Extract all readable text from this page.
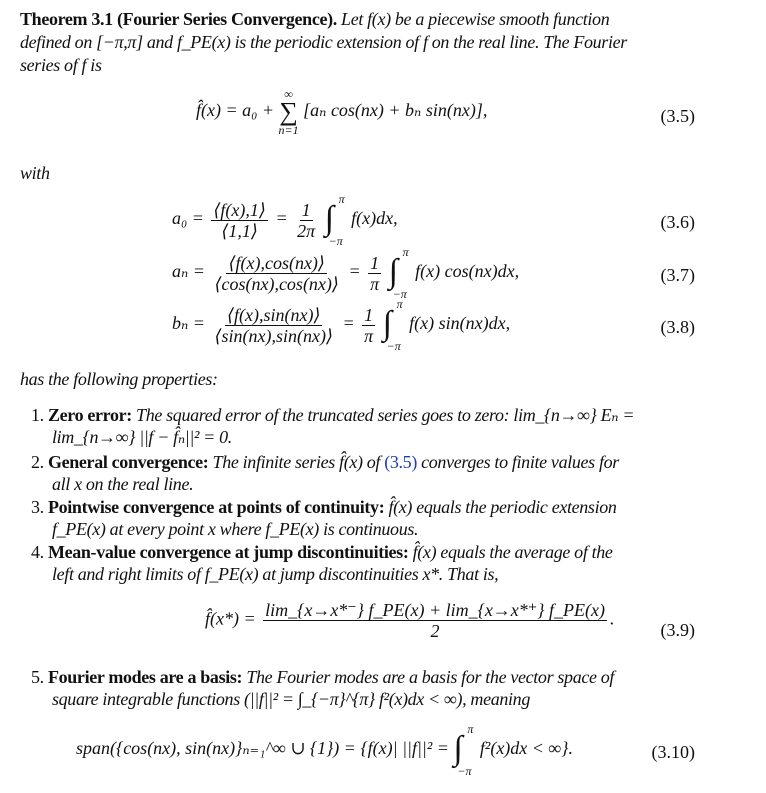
Theorem 3.1 (Fourier Series Convergence). Let f(x) be a piecewise smooth function
defined on [−π,π] and f_PE(x) is the periodic extension of f on the real line. The Fourier
series of f is
f̂(x) = a₀ +
∞
∑
n=1
[aₙ cos(nx) + bₙ sin(nx)],	(3.5)
with
$a_0 = \frac{⟨f(x),1⟩}{⟨1,1⟩} = \frac{1}{2\pi}$
∫
π
−π
f(x)dx,	(3.6)
$a_n = \frac{⟨f(x),\cos(nx)⟩}{⟨\cos(nx),\cos(nx)⟩} = \frac{1}{\pi}$
∫
π
−π
f(x) cos(nx)dx,	(3.7)
$b_n = \frac{⟨f(x),\sin(nx)⟩}{⟨\sin(nx),\sin(nx)⟩} = \frac{1}{\pi}$
∫
π
−π
f(x) sin(nx)dx,	(3.8)
has the following properties:
1. Zero error: The squared error of the truncated series goes to zero: lim_{n→∞} Eₙ =
lim_{n→∞} ||f − f̂ₙ||² = 0.
2. General convergence: The infinite series f̂(x) of (3.5) converges to finite values for
all x on the real line.
3. Pointwise convergence at points of continuity: f̂(x) equals the periodic extension
f_PE(x) at every point x where f_PE(x) is continuous.
4. Mean-value convergence at jump discontinuities: f̂(x) equals the average of the
left and right limits of f_PE(x) at jump discontinuities x*. That is,
f̂(x*) = $\frac{\lim\_\{x\to x*^-\} f\_PE(x) + \lim\_\{x\to x*^+\} f\_PE(x)}{2}$ .
(3.9)
5. Fourier modes are a basis: The Fourier modes are a basis for the vector space of
square integrable functions (||f||² = ∫_{−π}^{π} f²(x)dx < ∞), meaning
span({cos(nx), sin(nx)}ₙ₌₁^∞ ∪ {1}) = {f(x)| ||f||² = ∫
π
−π
f²(x)dx < ∞}.	(3.10)
